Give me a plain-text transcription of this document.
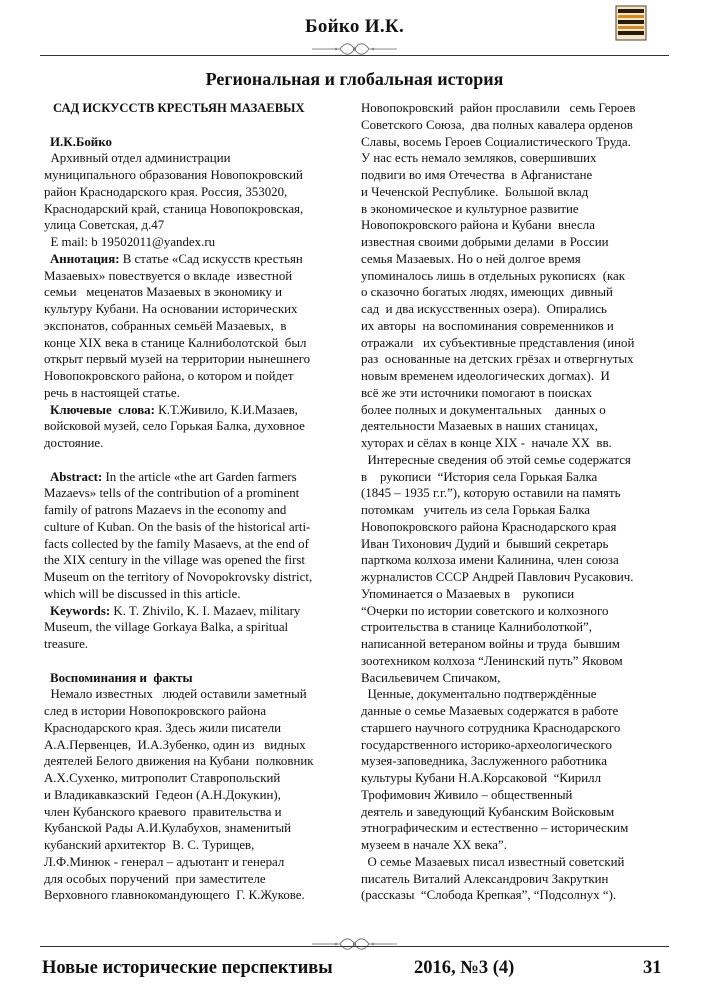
Бойко И.К.
Региональная и глобальная история
САД ИСКУССТВ КРЕСТЬЯН МАЗАЕВЫХ
И.К.Бойко
Архивный отдел администрации
муниципального образования Новопокровский
район Краснодарского края. Россия, 353020,
Краснодарский край, станица Новопокровская,
улица Советская, д.47
E mail: b 19502011@yandex.ru
Аннотация: В статье «Сад искусств крестьян
Мазаевых» повествуется о вкладе  известной
семьи   меценатов Мазаевых в экономику и
культуру Кубани. На основании исторических
экспонатов, собранных семьёй Мазаевых,  в
конце XIX века в станице Калниболотской  был
открыт первый музей на территории нынешнего
Новопокровского района, о котором и пойдет
речь в настоящей статье.
Ключевые  слова: К.Т.Живило, К.И.Мазаев,
войсковой музей, село Горькая Балка, духовное
достояние.
Abstract: In the article «the art Garden farmers
Mazaevs» tells of the contribution of a prominent
family of patrons Mazaevs in the economy and
culture of Kuban. On the basis of the historical arti-
facts collected by the family Masaevs, at the end of
the XIX century in the village was opened the first
Museum on the territory of Novopokrovsky district,
which will be discussed in this article.
Keywords: K. T. Zhivilo, K. I. Mazaev, military
Museum, the village Gorkaya Balka, a spiritual
treasure.
Воспоминания и  факты
Немало известных   людей оставили заметный
след в истории Новопокровского района
Краснодарского края. Здесь жили писатели
А.А.Первенцев,  И.А.Зубенко, один из   видных
деятелей Белого движения на Кубани  полковник
А.Х.Сухенко, митрополит Ставропольский
и Владикавказский  Гедеон (А.Н.Докукин),
член Кубанского краевого  правительства и
Кубанской Рады А.И.Кулабухов, знаменитый
кубанский архитектор  В. С. Турищев,
Л.Ф.Минюк - генерал – адъютант и генерал
для особых поручений  при заместителе
Верховного главнокомандующего  Г. К.Жукове.
Новопокровский  район прославили   семь Героев
Советского Союза,  два полных кавалера орденов
Славы, восемь Героев Социалистического Труда.
У нас есть немало земляков, совершивших
подвиги во имя Отечества  в Афганистане
и Чеченской Республике.  Большой вклад
в экономическое и культурное развитие
Новопокровского района и Кубани  внесла
известная своими добрыми делами  в России
семья Мазаевых. Но о ней долгое время
упоминалось лишь в отдельных рукописях  (как
о сказочно богатых людях, имеющих  дивный
сад  и два искусственных озера).  Опирались
их авторы  на воспоминания современников и
отражали   их субъективные представления (иной
раз  основанные на детских грёзах и отвергнутых
новым временем идеологических догмах).  И
всё же эти источники помогают в поисках
более полных и документальных    данных о
деятельности Мазаевых в наших станицах,
хуторах и сёлах в конце XIX -  начале XX  вв.
Интересные сведения об этой семье содержатся
в    рукописи  “История села Горькая Балка
(1845 – 1935 г.г.”), которую оставили на память
потомкам   учитель из села Горькая Балка
Новопокровского района Краснодарского края
Иван Тихонович Дудий и  бывший секретарь
парткома колхоза имени Калинина, член союза
журналистов СССР Андрей Павлович Русакович.
Упоминается о Мазаевых в    рукописи
“Очерки по истории советского и колхозного
строительства в станице Калниболоткой”,
написанной ветераном войны и труда  бывшим
зоотехником колхоза “Ленинский путь” Яковом
Васильевичем Спичаком,
Ценные, документально подтверждённые
данные о семье Мазаевых содержатся в работе
старшего научного сотрудника Краснодарского
государственного историко-археологического
музея-заповедника, Заслуженного работника
культуры Кубани Н.А.Корсаковой  “Кирилл
Трофимович Живило – общественный
деятель и заведующий Кубанским Войсковым
этнографическим и естественно – историческим
музеем в начале XX века”.
О семье Мазаевых писал известный советский
писатель Виталий Александрович Закруткин
(рассказы  “Слобода Крепкая”, “Подсолнух “).
Новые исторические перспективы	2016, №3 (4)	31
